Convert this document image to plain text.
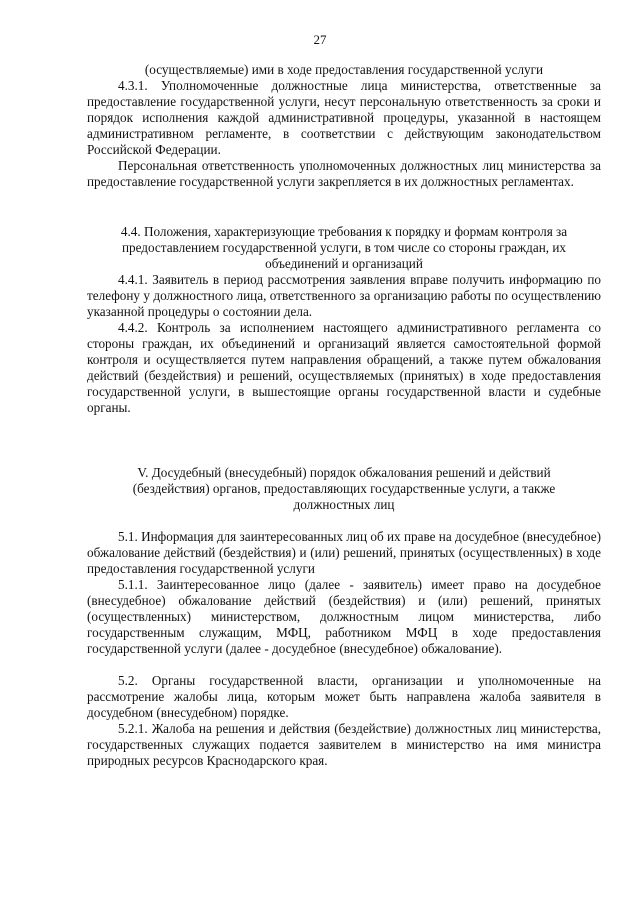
27

(осуществляемые) ими в ходе предоставления государственной услуги

4.3.1. Уполномоченные должностные лица министерства, ответственные за предоставление государственной услуги, несут персональную ответственность за сроки и порядок исполнения каждой административной процедуры, указанной в настоящем административном регламенте, в соответствии с действующим законодательством Российской Федерации.

Персональная ответственность уполномоченных должностных лиц министерства за предоставление государственной услуги закрепляется в их должностных регламентах.

4.4. Положения, характеризующие требования к порядку и формам контроля за предоставлением государственной услуги, в том числе со стороны граждан, их объединений и организаций

4.4.1. Заявитель в период рассмотрения заявления вправе получить информацию по телефону у должностного лица, ответственного за организацию работы по осуществлению указанной процедуры о состоянии дела.

4.4.2. Контроль за исполнением настоящего административного регламента со стороны граждан, их объединений и организаций является самостоятельной формой контроля и осуществляется путем направления обращений, а также путем обжалования действий (бездействия) и решений, осуществляемых (принятых) в ходе предоставления государственной услуги, в вышестоящие органы государственной власти и судебные органы.

V. Досудебный (внесудебный) порядок обжалования решений и действий (бездействия) органов, предоставляющих государственные услуги, а также должностных лиц

5.1. Информация для заинтересованных лиц об их праве на досудебное (внесудебное) обжалование действий (бездействия) и (или) решений, принятых (осуществленных) в ходе предоставления государственной услуги

5.1.1. Заинтересованное лицо (далее - заявитель) имеет право на досудебное (внесудебное) обжалование действий (бездействия) и (или) решений, принятых (осуществленных) министерством, должностным лицом министерства, либо государственным служащим, МФЦ, работником МФЦ в ходе предоставления государственной услуги (далее - досудебное (внесудебное) обжалование).

5.2. Органы государственной власти, организации и уполномоченные на рассмотрение жалобы лица, которым может быть направлена жалоба заявителя в досудебном (внесудебном) порядке.

5.2.1. Жалоба на решения и действия (бездействие) должностных лиц министерства, государственных служащих подается заявителем в министерство на имя министра природных ресурсов Краснодарского края.
